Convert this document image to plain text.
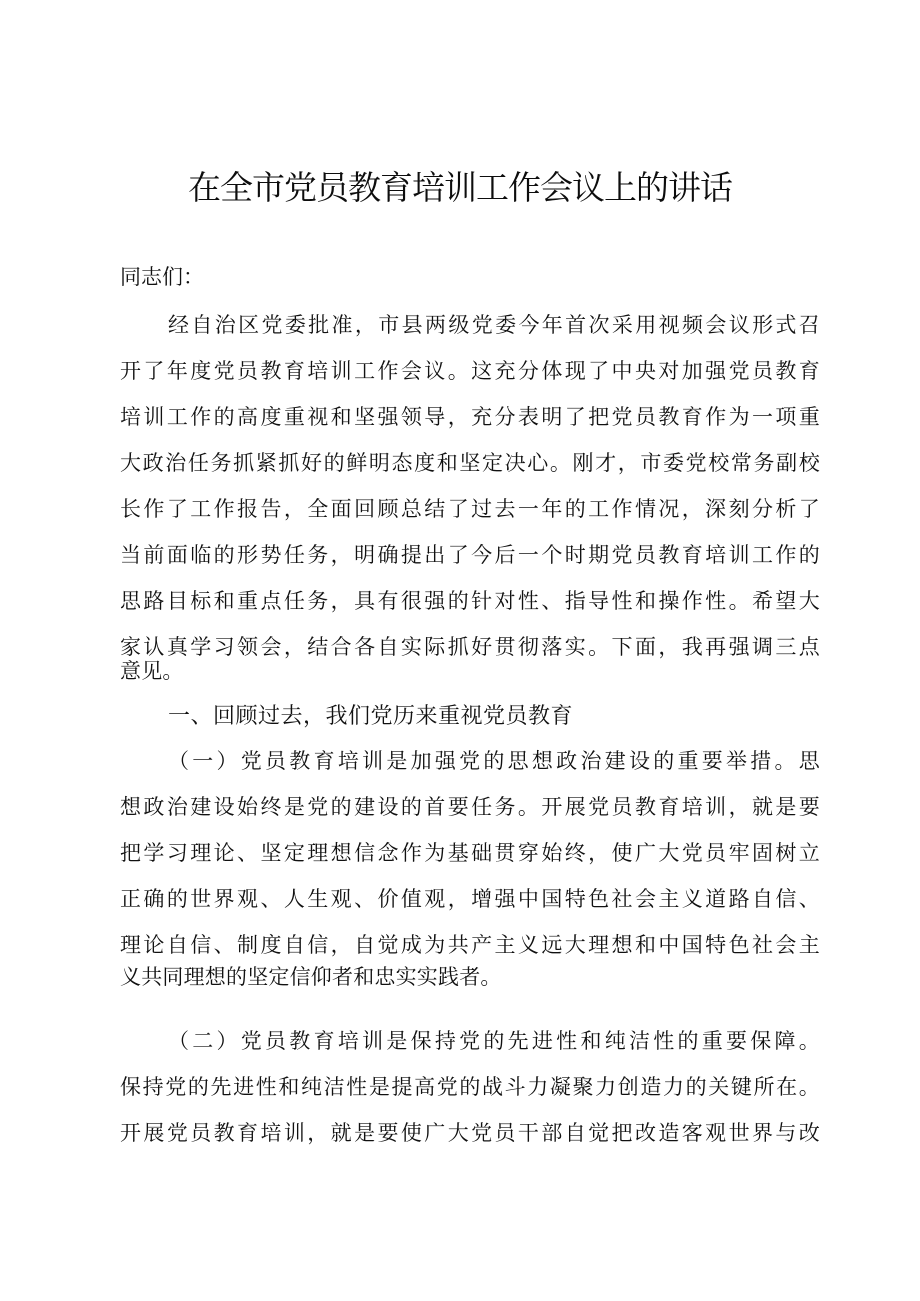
在全市党员教育培训工作会议上的讲话
同志们：
经自治区党委批准，市县两级党委今年首次采用视频会议形式召
开了年度党员教育培训工作会议。这充分体现了中央对加强党员教育
培训工作的高度重视和坚强领导，充分表明了把党员教育作为一项重
大政治任务抓紧抓好的鲜明态度和坚定决心。刚才，市委党校常务副校
长作了工作报告，全面回顾总结了过去一年的工作情况，深刻分析了
当前面临的形势任务，明确提出了今后一个时期党员教育培训工作的
思路目标和重点任务，具有很强的针对性、指导性和操作性。希望大
家认真学习领会，结合各自实际抓好贯彻落实。下面，我再强调三点
意见。
一、回顾过去，我们党历来重视党员教育
（一）党员教育培训是加强党的思想政治建设的重要举措。思
想政治建设始终是党的建设的首要任务。开展党员教育培训，就是要
把学习理论、坚定理想信念作为基础贯穿始终，使广大党员牢固树立
正确的世界观、人生观、价值观，增强中国特色社会主义道路自信、
理论自信、制度自信，自觉成为共产主义远大理想和中国特色社会主
义共同理想的坚定信仰者和忠实实践者。
（二）党员教育培训是保持党的先进性和纯洁性的重要保障。
保持党的先进性和纯洁性是提高党的战斗力凝聚力创造力的关键所在。
开展党员教育培训，就是要使广大党员干部自觉把改造客观世界与改
